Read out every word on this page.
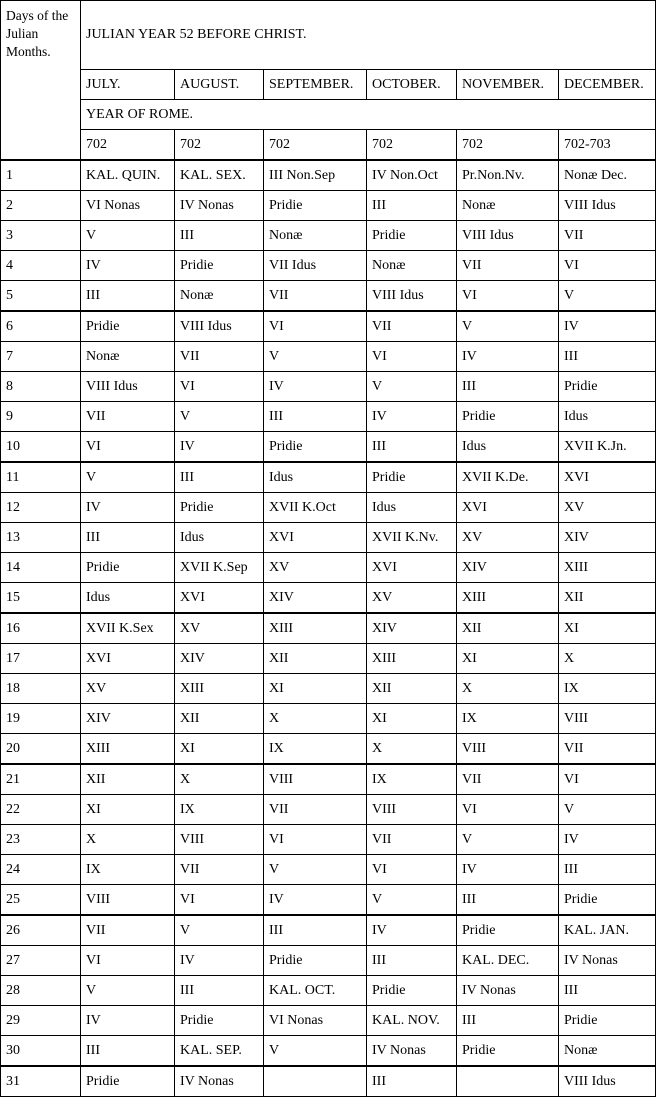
Days of the Julian Months.	JULIAN YEAR 52 BEFORE CHRIST.					
	JULY.	AUGUST.	SEPTEMBER.	OCTOBER.	NOVEMBER.	DECEMBER.
	YEAR OF ROME.					
	702	702	702	702	702	702-703
1	KAL. QUIN.	KAL. SEX.	III Non.Sep	IV Non.Oct	Pr.Non.Nv.	Nonæ Dec.
2	VI Nonas	IV Nonas	Pridie	III	Nonæ	VIII Idus
3	V	III	Nonæ	Pridie	VIII Idus	VII
4	IV	Pridie	VII Idus	Nonæ	VII	VI
5	III	Nonæ	VII	VIII Idus	VI	V
6	Pridie	VIII Idus	VI	VII	V	IV
7	Nonæ	VII	V	VI	IV	III
8	VIII Idus	VI	IV	V	III	Pridie
9	VII	V	III	IV	Pridie	Idus
10	VI	IV	Pridie	III	Idus	XVII K.Jn.
11	V	III	Idus	Pridie	XVII K.De.	XVI
12	IV	Pridie	XVII K.Oct	Idus	XVI	XV
13	III	Idus	XVI	XVII K.Nv.	XV	XIV
14	Pridie	XVII K.Sep	XV	XVI	XIV	XIII
15	Idus	XVI	XIV	XV	XIII	XII
16	XVII K.Sex	XV	XIII	XIV	XII	XI
17	XVI	XIV	XII	XIII	XI	X
18	XV	XIII	XI	XII	X	IX
19	XIV	XII	X	XI	IX	VIII
20	XIII	XI	IX	X	VIII	VII
21	XII	X	VIII	IX	VII	VI
22	XI	IX	VII	VIII	VI	V
23	X	VIII	VI	VII	V	IV
24	IX	VII	V	VI	IV	III
25	VIII	VI	IV	V	III	Pridie
26	VII	V	III	IV	Pridie	KAL. JAN.
27	VI	IV	Pridie	III	KAL. DEC.	IV Nonas
28	V	III	KAL. OCT.	Pridie	IV Nonas	III
29	IV	Pridie	VI Nonas	KAL. NOV.	III	Pridie
30	III	KAL. SEP.	V	IV Nonas	Pridie	Nonæ
31	Pridie	IV Nonas		III		VIII Idus
